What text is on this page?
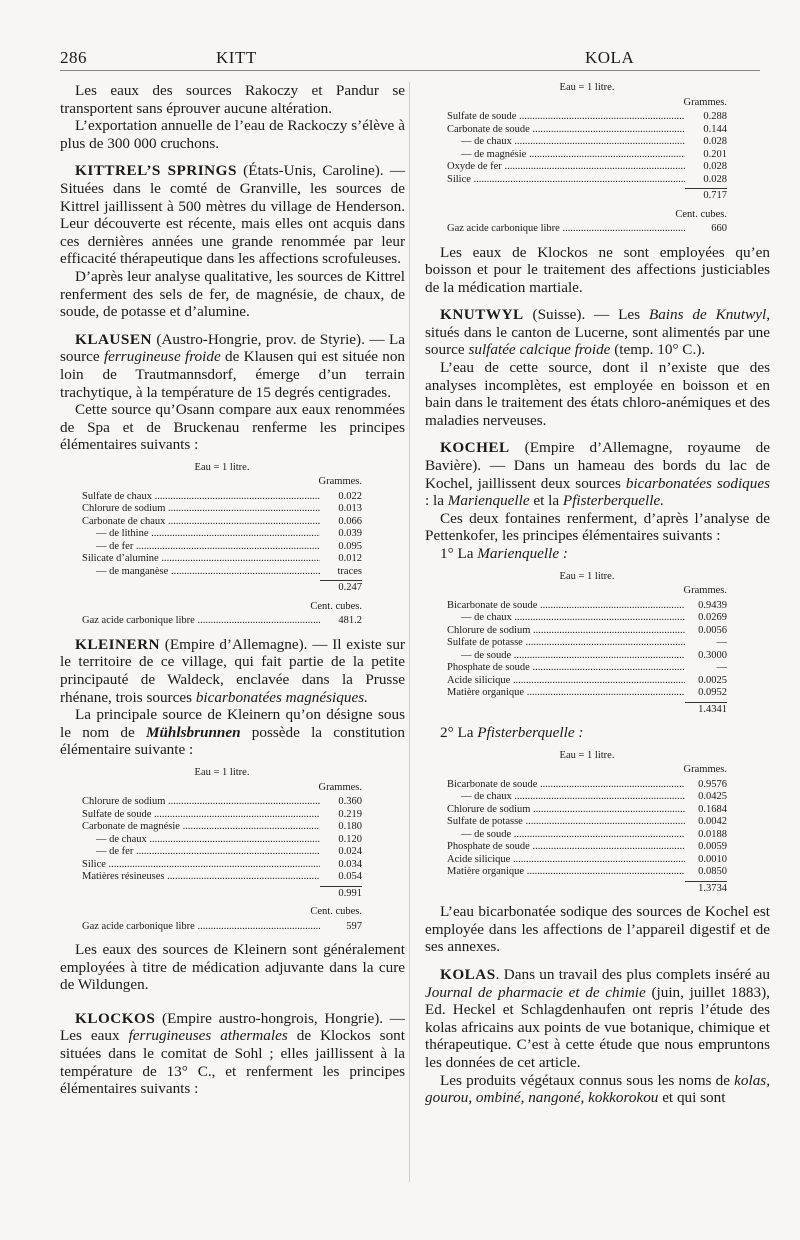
286	KITT	KOLA

Les eaux des sources Rakoczy et Pandur se transportent sans éprouver aucune altération.

L’exportation annuelle de l’eau de Rackoczy s’élève à plus de 300 000 cruchons.

KITTREL’S SPRINGS (États-Unis, Caroline). — Situées dans le comté de Granville, les sources de Kittrel jaillissent à 500 mètres du village de Henderson. Leur découverte est récente, mais elles ont acquis dans ces dernières années une grande renommée par leur efficacité thérapeutique dans les affections scrofuleuses.

D’après leur analyse qualitative, les sources de Kittrel renferment des sels de fer, de magnésie, de chaux, de soude, de potasse et d’alumine.

KLAUSEN (Austro-Hongrie, prov. de Styrie). — La source ferrugineuse froide de Klausen qui est située non loin de Trautmannsdorf, émerge d’un terrain trachytique, à la température de 15 degrés centigrades.

Cette source qu’Osann compare aux eaux renommées de Spa et de Bruckenau renferme les principes élémentaires suivants :

Eau = 1 litre.
Grammes.
Sulfate de chaux .....	0.022
Chlorure de sodium .....	0.013
Carbonate de chaux .....	0.066
— de lithine .....	0.039
— de fer .....	0.095
Silicate d’alumine .....	0.012
— de manganèse .....	traces
0.247
Cent. cubes.
Gaz acide carbonique libre .....	481.2

KLEINERN (Empire d’Allemagne). — Il existe sur le territoire de ce village, qui fait partie de la petite principauté de Waldeck, enclavée dans la Prusse rhénane, trois sources bicarbonatées magnésiques.

La principale source de Kleinern qu’on désigne sous le nom de Mühlsbrunnen possède la constitution élémentaire suivante :

Eau = 1 litre.
Grammes.
Chlorure de sodium .....	0.360
Sulfate de soude .....	0.219
Carbonate de magnésie .....	0.180
— de chaux .....	0.120
— de fer .....	0.024
Silice .....	0.034
Matières résineuses .....	0.054
0.991
Cent. cubes.
Gaz acide carbonique libre .....	597

Les eaux des sources de Kleinern sont généralement employées à titre de médication adjuvante dans la cure de Wildungen.

KLOCKOS (Empire austro-hongrois, Hongrie). — Les eaux ferrugineuses athermales de Klockos sont situées dans le comitat de Sohl ; elles jaillissent à la température de 13° C., et renferment les principes élémentaires suivants :

Eau = 1 litre.
Grammes.
Sulfate de soude .....	0.288
Carbonate de soude .....	0.144
— de chaux .....	0.028
— de magnésie .....	0.201
Oxyde de fer .....	0.028
Silice .....	0.028
0.717
Cent. cubes.
Gaz acide carbonique libre .....	660

Les eaux de Klockos ne sont employées qu’en boisson et pour le traitement des affections justiciables de la médication martiale.

KNUTWYL (Suisse). — Les Bains de Knutwyl, situés dans le canton de Lucerne, sont alimentés par une source sulfatée calcique froide (temp. 10° C.).

L’eau de cette source, dont il n’existe que des analyses incomplètes, est employée en boisson et en bain dans le traitement des états chloro-anémiques et des maladies nerveuses.

KOCHEL (Empire d’Allemagne, royaume de Bavière). — Dans un hameau des bords du lac de Kochel, jaillissent deux sources bicarbonatées sodiques : la Marienquelle et la Pfisterberquelle.

Ces deux fontaines renferment, d’après l’analyse de Pettenkofer, les principes élémentaires suivants :

1° La Marienquelle :

Eau = 1 litre.
Grammes.
Bicarbonate de soude .....	0.9439
— de chaux .....	0.0269
Chlorure de sodium .....	0.0056
Sulfate de potasse .....	—
— de soude .....	0.3000
Phosphate de soude .....	—
Acide silicique .....	0.0025
Matière organique .....	0.0952
1.4341

2° La Pfisterberquelle :

Eau = 1 litre.
Grammes.
Bicarbonate de soude .....	0.9576
— de chaux .....	0.0425
Chlorure de sodium .....	0.1684
Sulfate de potasse .....	0.0042
— de soude .....	0.0188
Phosphate de soude .....	0.0059
Acide silicique .....	0.0010
Matière organique .....	0.0850
1.3734

L’eau bicarbonatée sodique des sources de Kochel est employée dans les affections de l’appareil digestif et de ses annexes.

KOLAS. Dans un travail des plus complets inséré au Journal de pharmacie et de chimie (juin, juillet 1883), Ed. Heckel et Schlagdenhaufen ont repris l’étude des kolas africains aux points de vue botanique, chimique et thérapeutique. C’est à cette étude que nous empruntons les données de cet article.

Les produits végétaux connus sous les noms de kolas, gourou, ombiné, nangoné, kokkorokou et qui sont
